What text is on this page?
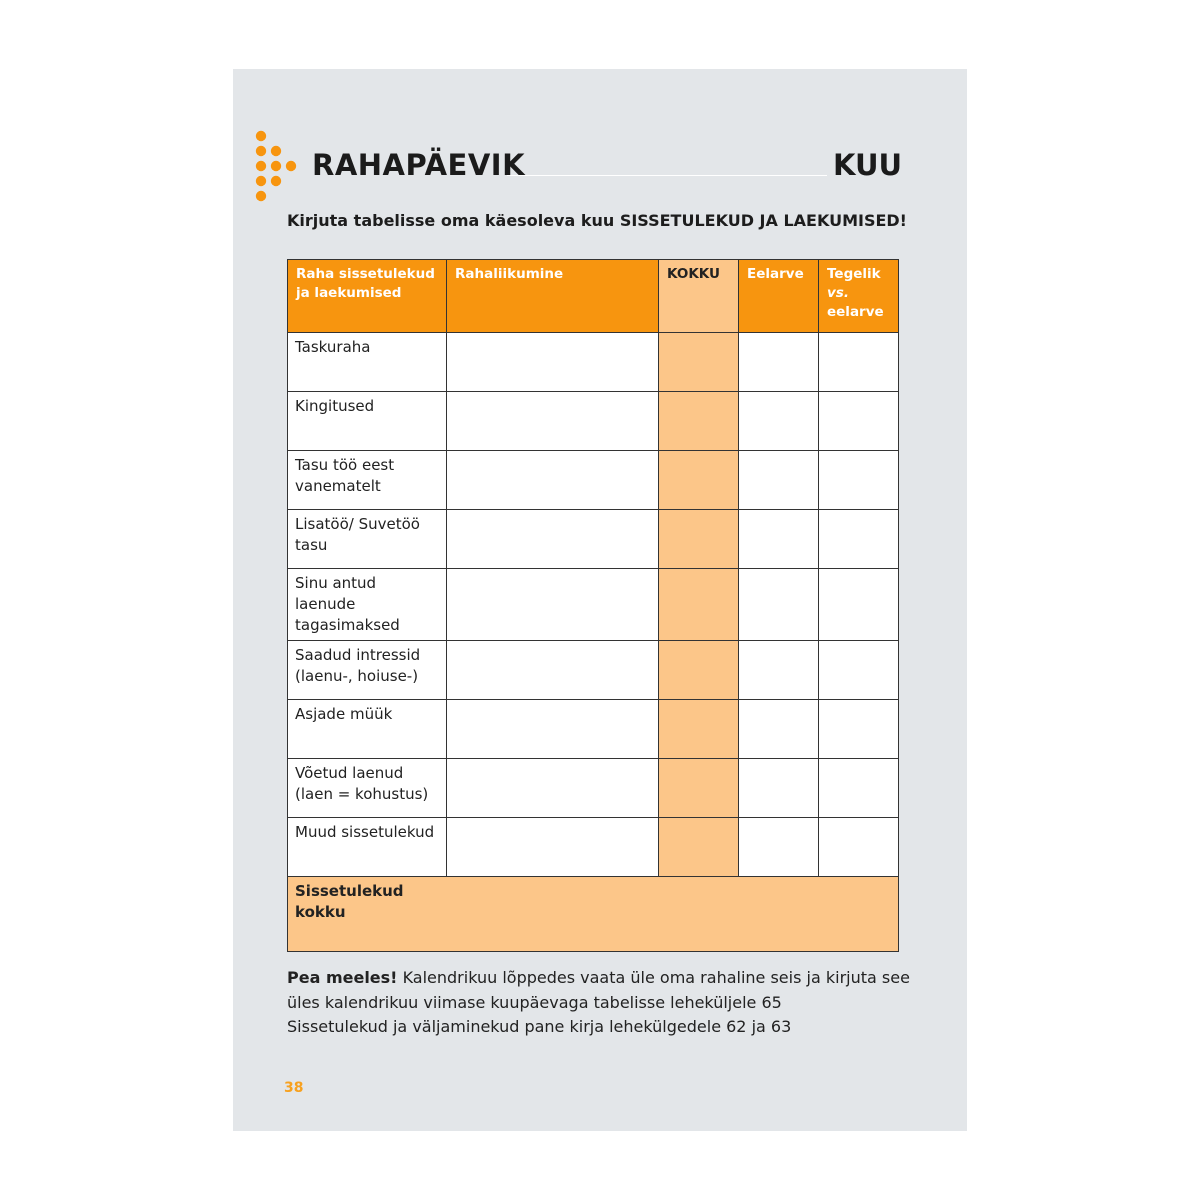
RAHAPÄEVIK	KUU
Kirjuta tabelisse oma käesoleva kuu SISSETULEKUD JA LAEKUMISED!
Raha sissetulekud ja laekumised	Rahaliikumine	KOKKU	Eelarve	Tegelik
vs.
eelarve
Taskuraha				
Kingitused				
Tasu töö eest vanematelt				
Lisatöö/ Suvetöö tasu				
Sinu antud laenude tagasimaksed				
Saadud intressid (laenu-, hoiuse-)				
Asjade müük				
Võetud laenud (laen = kohustus)				
Muud sissetulekud				

Sissetulekud kokku				
Pea meeles! Kalendrikuu lõppedes vaata üle oma rahaline seis ja kirjuta see
üles kalendrikuu viimase kuupäevaga tabelisse leheküljele 65
Sissetulekud ja väljaminekud pane kirja lehekülgedele 62 ja 63
38
